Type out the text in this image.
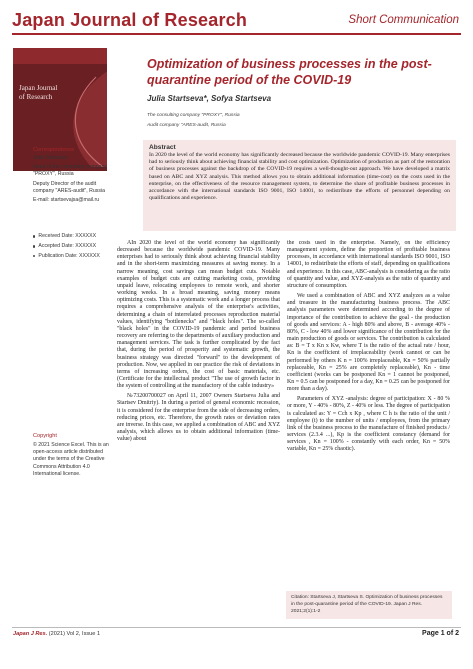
Japan Journal of Research	Short Communication
Japan Journal
of Research
Correspondence
Julia Startseva
Head of the consulting company "PROXY", Russia
Deputy Director of the audit company "ARES-audit", Russia
E-mail: startsevajsa@mail.ru
Received Date: XXXXXX
Accepted Date: XXXXXX
Publication Date: XXXXXX
Copyright
© 2021 Science Excel. This is an open-access article distributed under the terms of the Creative Commons Attribution 4.0 International license.
Optimization of business processes in the post-quarantine period of the COVID-19
Julia Startseva*, Sofya Startseva
The consulting company "PROXY", Russia
Audit company "ARES-audit, Russia
Abstract
In 2020 the level of the world economy has significantly decreased because the worldwide pandemic COVID-19. Many enterprises had to seriously think about achieving financial stability and cost optimization. Optimization of production as part of the restoration of business processes against the backdrop of the COVID-19 requires a well-thought-out approach. We have developed a matrix based on ABC and XYZ analysis. This method allows you to obtain additional information (time-cost) on the costs used in the enterprise, on the effectiveness of the resource management system, to determine the share of profitable business processes in accordance with the international standards ISO 9001, ISO 14001, to redistribute the efforts of personnel depending on qualifications and experience.

AIn 2020 the level of the world economy has significantly decreased because the worldwide pandemic COVID-19. Many enterprises had to seriously think about achieving financial stability and in the short-term maximizing measures at saving money. In a narrow meaning, cost savings can mean budget cuts. Notable examples of budget cuts are cutting marketing costs, providing unpaid leave, relocating employees to remote work, and shorter working weeks. In a broad meaning, saving money means optimizing costs. This is a systematic work and a longer process that requires a comprehensive analysis of the enterprise's activities, determining a chain of interrelated processes reproduction material values, identifying "bottlenecks" and "black holes". The so-called "black holes" in the COVID-19 pandemic and period business recovery are referring to the departments of auxiliary production and management services. The task is further complicated by the fact that, during the period of prosperity and systematic growth, the business strategy was directed "forward" to the development of production. Now, we applied in our practice the risk of deviations in terms of increasing orders, the cost of basic materials, etc. (Certificate for the intellectual product "The use of growth factor in the system of controlling at the manufactory of the cable industry»

№73200700027 on April 11, 2007 Owners Startseva Julia and Startsev Dmitriy). In during a period of general economic recession, it is considered for the enterprise from the side of decreasing orders, reducing prices, etc. Therefore, the growth rates or deviation rates are inverse. In this case, we applied a combination of ABC and XYZ analysis, which allows us to obtain additional information (time-value) about

the costs used in the enterprise. Namely, on the efficiency management system, define the proportion of profitable business processes, in accordance with international standards ISO 9001, ISO 14001, to redistribute the efforts of staff, depending on qualifications and experience. In this case, ABC-analysis is considering as the ratio of quantity and value, and XYZ-analysis as the ratio of quantity and structure of consumption.

We used a combination of ABC and XYZ analyzes as a value and treasure in the manufacturing business process. The ABC analysis parameters were determined according to the degree of importance of the contribution to achieve the goal - the production of goods and services: A - high 80% and above, B - average 40% - 80%, C - low 40% and lower significance of the contribution for the main production of goods or services. The contribution is calculated as: B = T x Kn x Kw, where T is the ratio of the actual rate / hour, Kn is the coefficient of irreplaceability (work cannot or can be performed by others K n = 100% irreplaceable, Kn = 50% partially replaceable, Kn = 25% are completely replaceable), Kn - time coefficient (works can be postponed Kn = 1 cannot be postponed, Kn = 0.5 can be postponed for a day, Kn = 0.25 can be postponed for more than a day).

Parameters of XYZ -analysis: degree of participation: X - 80 % or more, Y - 40% - 80%, Z - 40% or less. The degree of participation is calculated as: Y = Cch x Kp , where C h is the ratio of the unit / employee (t) to the number of units / employees, from the primary link of the business process to the manufacture of finished products / services (2.3.4 ...), Kp is the coefficient constancy (demand for services , Kn = 100% - constantly with each order, Kn = 50% variable, Kn = 25% chaotic).

Citation: Startseva J, Startseva S. Optimization of business processes in the post-quarantine period of the COVID-19. Japan J Res. 2021;2(1):1-2
Japan J Res. (2021) Vol 2, Issue 1	Page 1 of 2
